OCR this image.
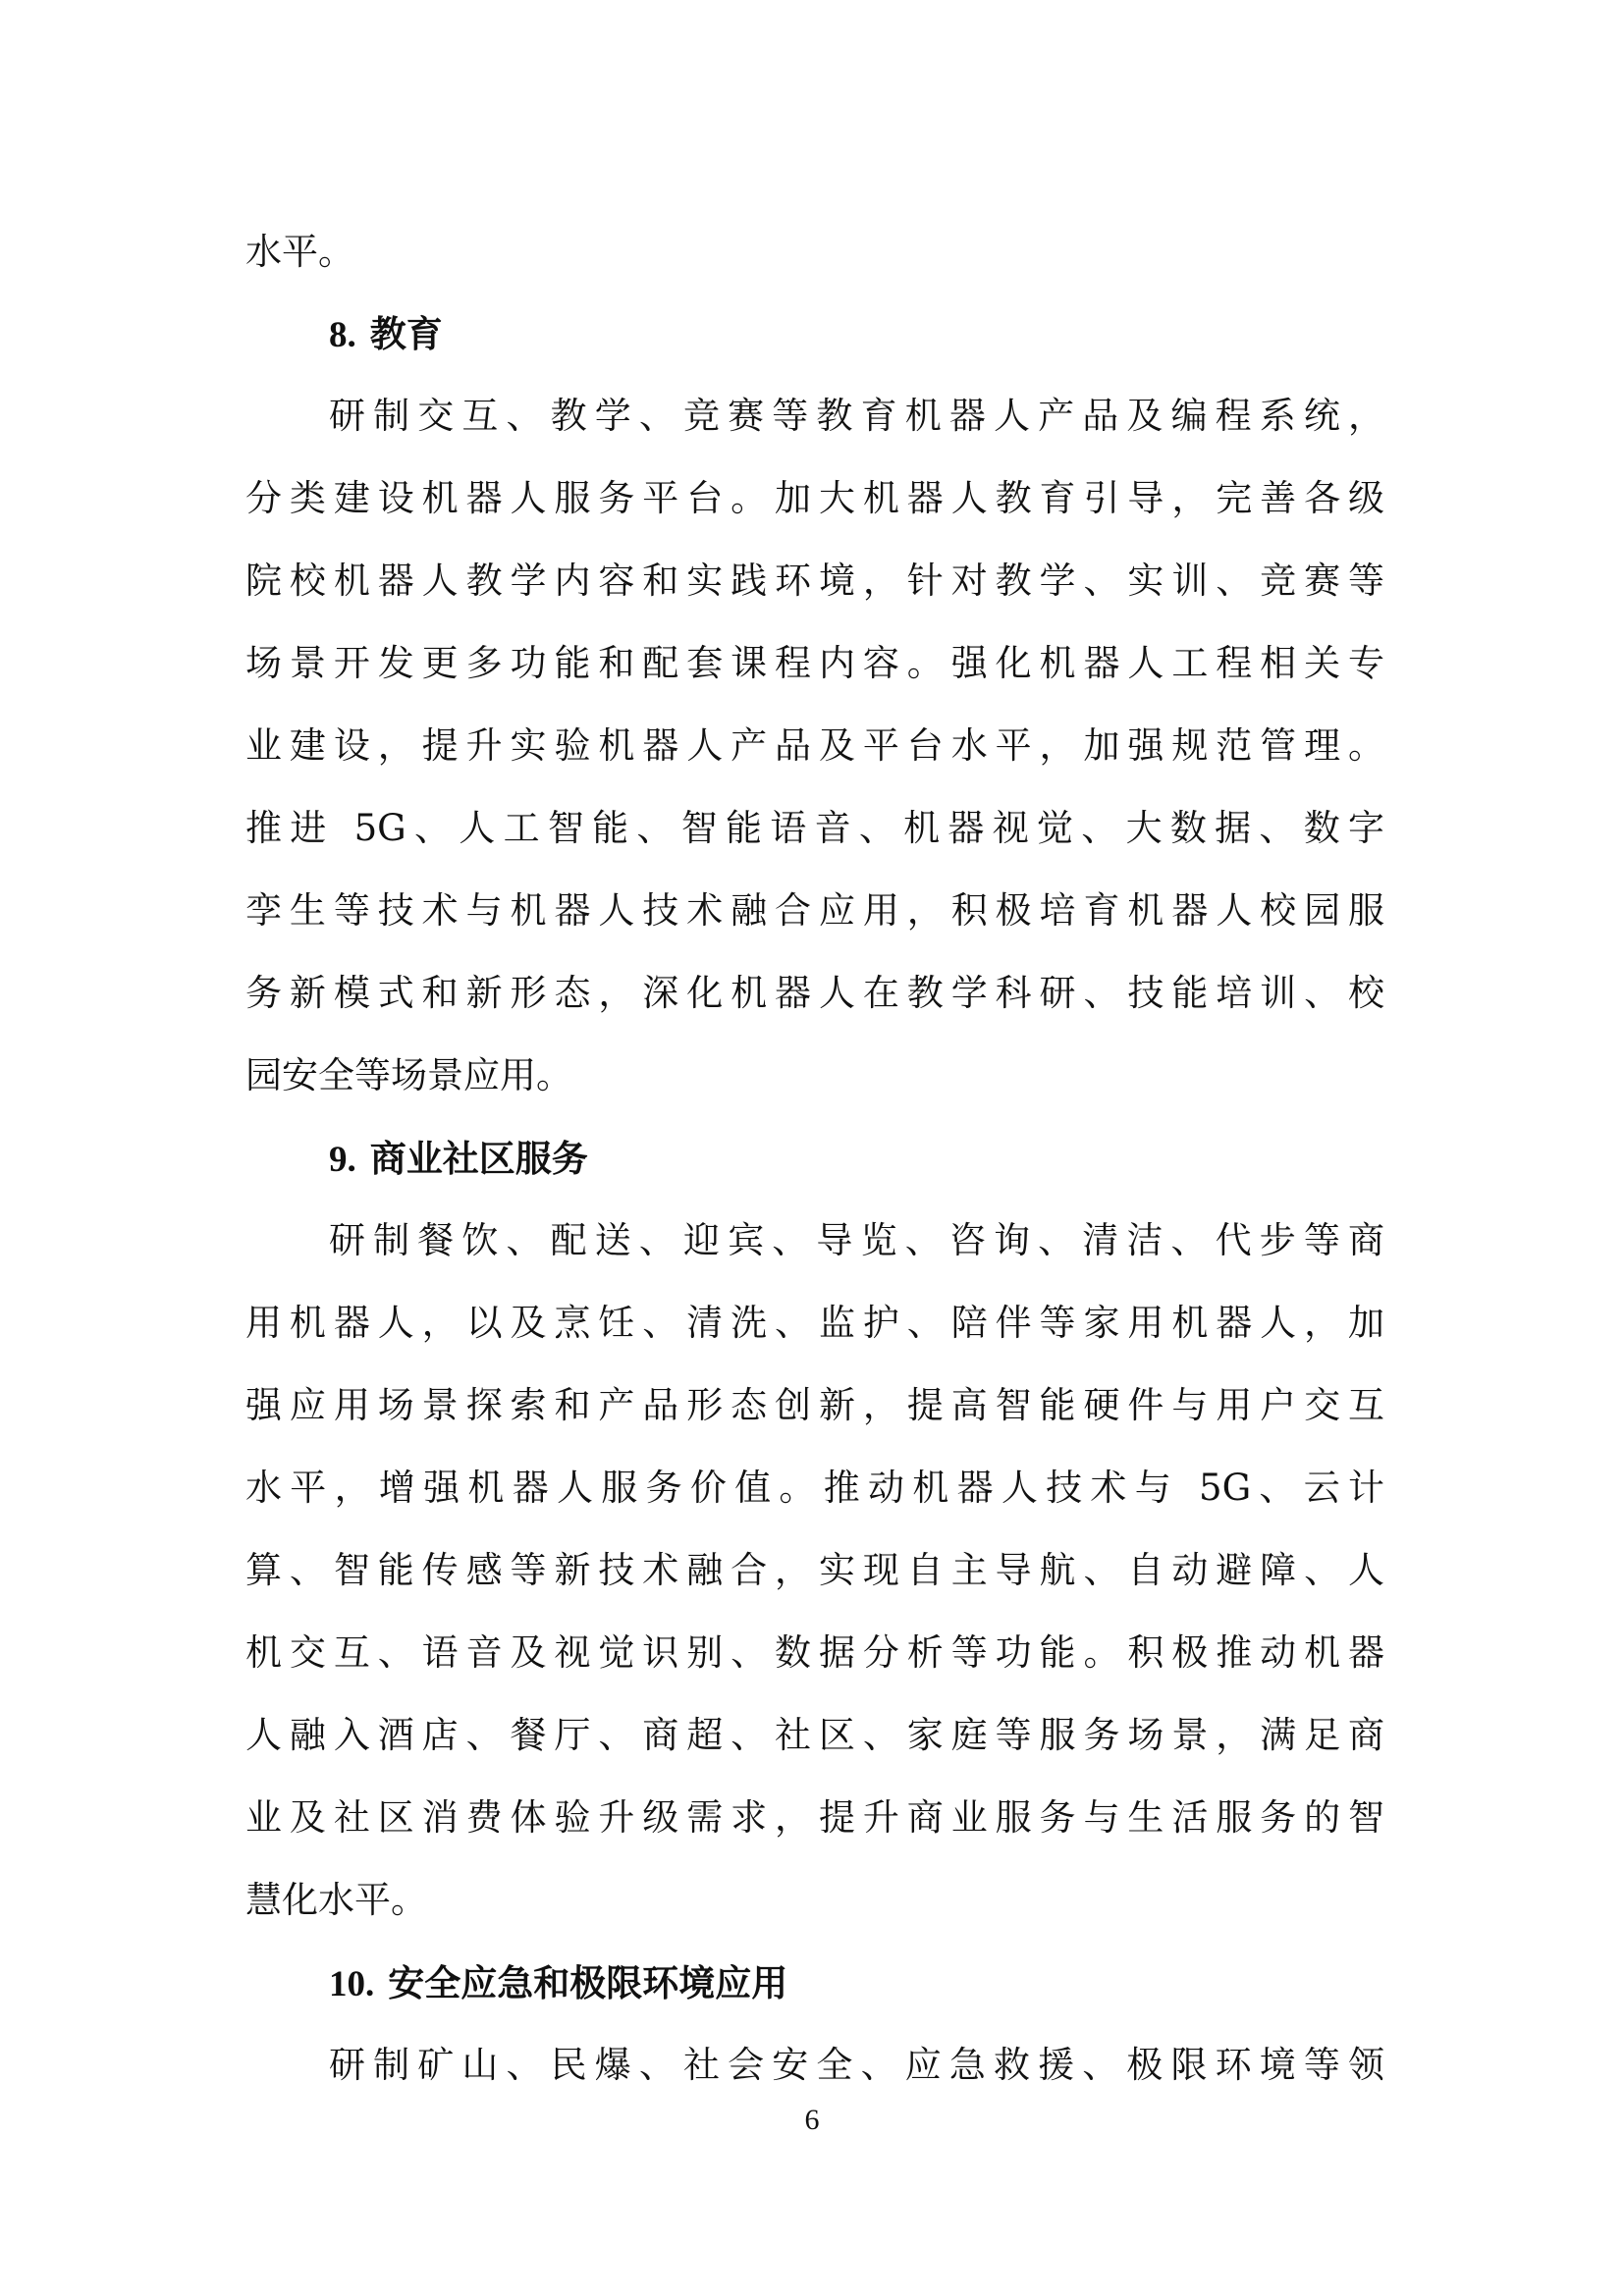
水平。

8. 教育

研制交互、教学、竞赛等教育机器人产品及编程系统，

分类建设机器人服务平台。加大机器人教育引导，完善各级

院校机器人教学内容和实践环境，针对教学、实训、竞赛等

场景开发更多功能和配套课程内容。强化机器人工程相关专

业建设，提升实验机器人产品及平台水平，加强规范管理。

推进 5G、人工智能、智能语音、机器视觉、大数据、数字

孪生等技术与机器人技术融合应用，积极培育机器人校园服

务新模式和新形态，深化机器人在教学科研、技能培训、校

园安全等场景应用。

9. 商业社区服务

研制餐饮、配送、迎宾、导览、咨询、清洁、代步等商

用机器人，以及烹饪、清洗、监护、陪伴等家用机器人，加

强应用场景探索和产品形态创新，提高智能硬件与用户交互

水平，增强机器人服务价值。推动机器人技术与 5G、云计

算、智能传感等新技术融合，实现自主导航、自动避障、人

机交互、语音及视觉识别、数据分析等功能。积极推动机器

人融入酒店、餐厅、商超、社区、家庭等服务场景，满足商

业及社区消费体验升级需求，提升商业服务与生活服务的智

慧化水平。

10. 安全应急和极限环境应用

研制矿山、民爆、社会安全、应急救援、极限环境等领

6
